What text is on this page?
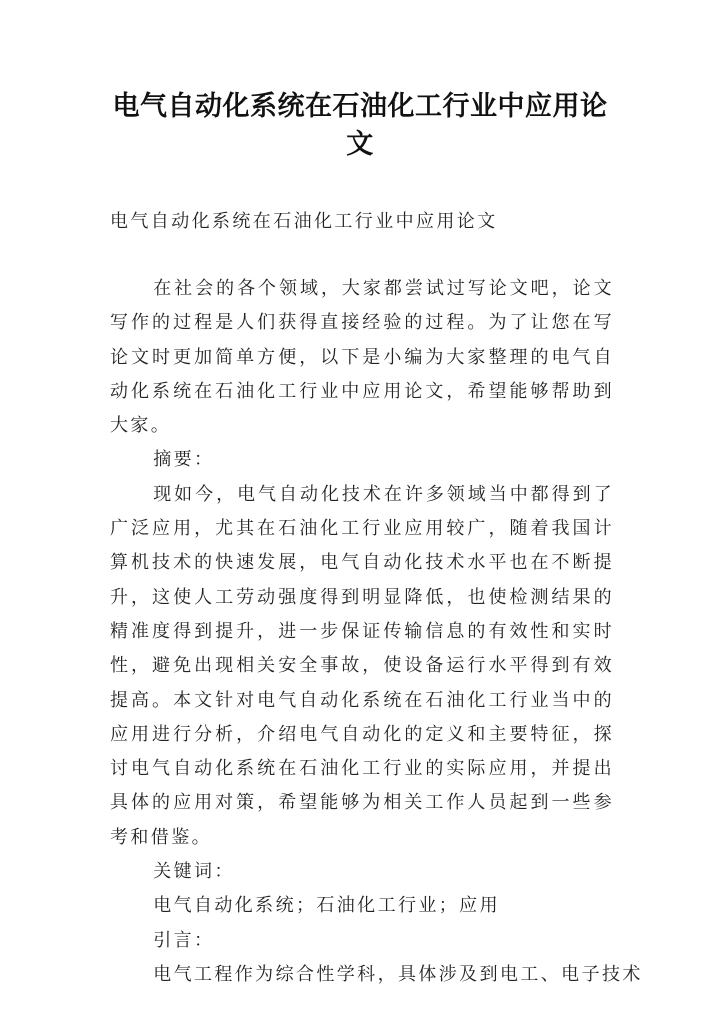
电气自动化系统在石油化工行业中应用论文
电气自动化系统在石油化工行业中应用论文

在社会的各个领域，大家都尝试过写论文吧，论文写作的过程是人们获得直接经验的过程。为了让您在写论文时更加简单方便，以下是小编为大家整理的电气自动化系统在石油化工行业中应用论文，希望能够帮助到大家。

摘要：

现如今，电气自动化技术在许多领域当中都得到了广泛应用，尤其在石油化工行业应用较广，随着我国计算机技术的快速发展，电气自动化技术水平也在不断提升，这使人工劳动强度得到明显降低，也使检测结果的精准度得到提升，进一步保证传输信息的有效性和实时性，避免出现相关安全事故，使设备运行水平得到有效提高。本文针对电气自动化系统在石油化工行业当中的应用进行分析，介绍电气自动化的定义和主要特征，探讨电气自动化系统在石油化工行业的实际应用，并提出具体的应用对策，希望能够为相关工作人员起到一些参考和借鉴。

关键词：

电气自动化系统；石油化工行业；应用

引言：

电气工程作为综合性学科，具体涉及到电工、电子技术
